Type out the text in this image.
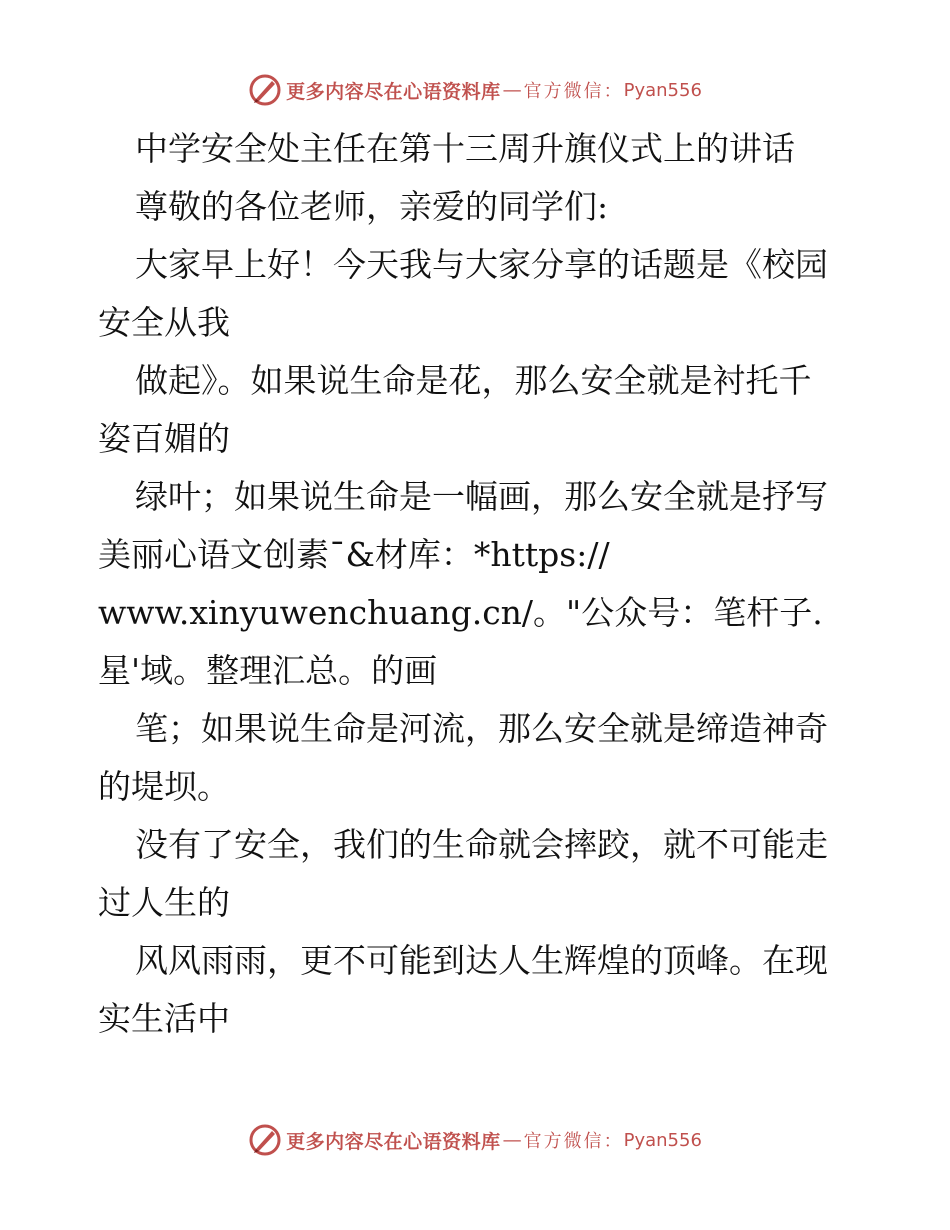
更多内容尽在心语资料库 — 官方微信： Pyan556
中学安全处主任在第十三周升旗仪式上的讲话
尊敬的各位老师，亲爱的同学们:
大家早上好！今天我与大家分享的话题是《校园
安全从我
做起》。如果说生命是花，那么安全就是衬托千
姿百媚的
绿叶；如果说生命是一幅画，那么安全就是抒写
美丽心语文创素¯&材库：*https://
www.xinyuwenchuang.cn/。"公众号：笔杆子.
星'域。整理汇总。的画
笔；如果说生命是河流，那么安全就是缔造神奇
的堤坝。
没有了安全，我们的生命就会摔跤，就不可能走
过人生的
风风雨雨，更不可能到达人生辉煌的顶峰。在现
实生活中
更多内容尽在心语资料库 — 官方微信： Pyan556
